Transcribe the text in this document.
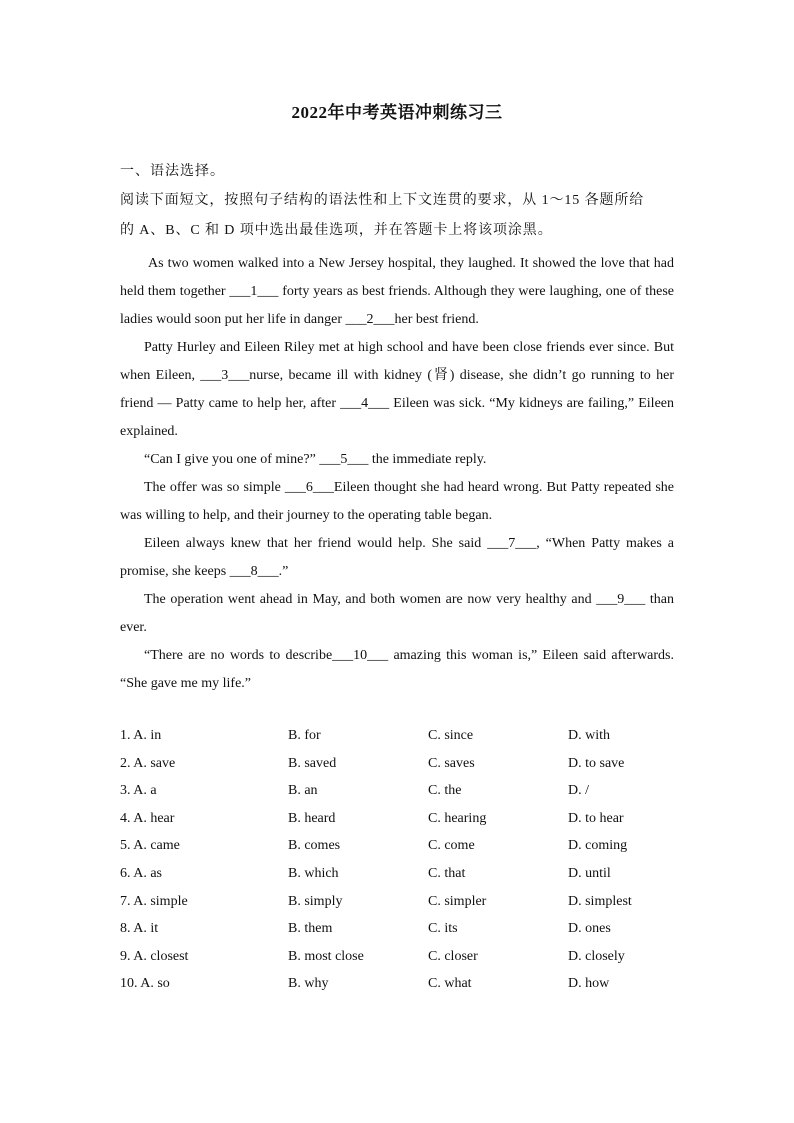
2022年中考英语冲刺练习三
一、语法选择。
阅读下面短文，按照句子结构的语法性和上下文连贯的要求，从 1～15 各题所给
的 A、B、C 和 D 项中选出最佳选项，并在答题卡上将该项涂黑。

As two women walked into a New Jersey hospital, they laughed. It showed the love that had held them together ___1___ forty years as best friends. Although they were laughing, one of these ladies would soon put her life in danger ___2___her best friend.

Patty Hurley and Eileen Riley met at high school and have been close friends ever since. But when Eileen, ___3___nurse, became ill with kidney (肾) disease, she didn’t go running to her friend — Patty came to help her, after ___4___ Eileen was sick. “My kidneys are failing,” Eileen explained.

“Can I give you one of mine?” ___5___ the immediate reply.

The offer was so simple ___6___Eileen thought she had heard wrong. But Patty repeated she was willing to help, and their journey to the operating table began.

Eileen always knew that her friend would help. She said ___7___, “When Patty makes a promise, she keeps ___8___.”

The operation went ahead in May, and both women are now very healthy and ___9___ than ever.

“There are no words to describe___10___ amazing this woman is,” Eileen said afterwards. “She gave me my life.”

1. A. in	B. for	C. since	D. with
2. A. save	B. saved	C. saves	D. to save
3. A. a	B. an	C. the	D. /
4. A. hear	B. heard	C. hearing	D. to hear
5. A. came	B. comes	C. come	D. coming
6. A. as	B. which	C. that	D. until
7. A. simple	B. simply	C. simpler	D. simplest
8. A. it	B. them	C. its	D. ones
9. A. closest	B. most close	C. closer	D. closely
10. A. so	B. why	C. what	D. how
